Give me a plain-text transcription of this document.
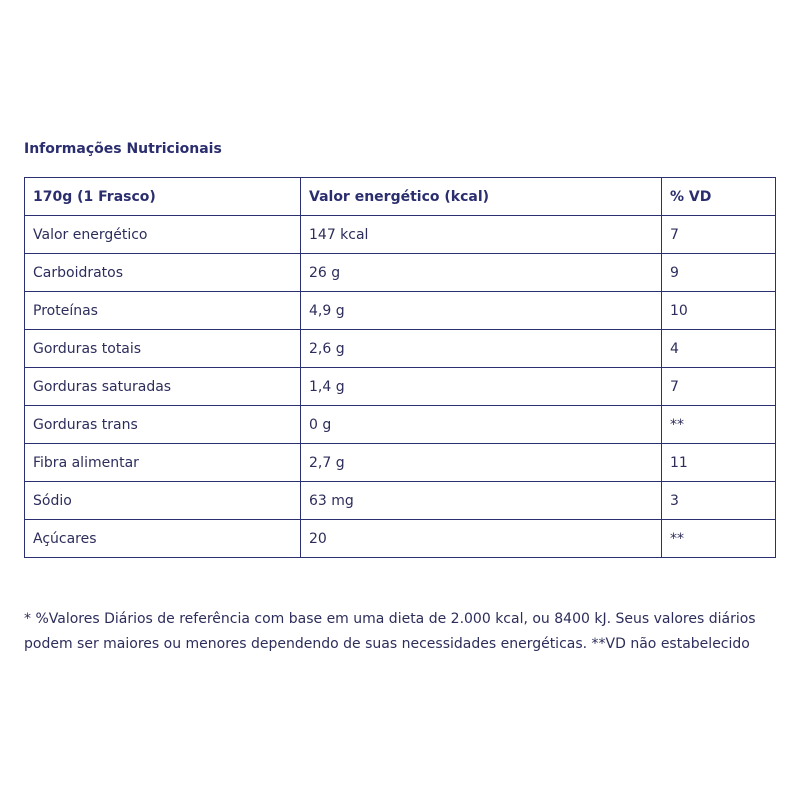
Informações Nutricionais
170g (1 Frasco)	Valor energético (kcal)	% VD
Valor energético	147 kcal	7
Carboidratos	26 g	9
Proteínas	4,9 g	10
Gorduras totais	2,6 g	4
Gorduras saturadas	1,4 g	7
Gorduras trans	0 g	**
Fibra alimentar	2,7 g	11
Sódio	63 mg	3
Açúcares	20	**
* %Valores Diários de referência com base em uma dieta de 2.000 kcal, ou 8400 kJ. Seus valores diários
podem ser maiores ou menores dependendo de suas necessidades energéticas. **VD não estabelecido
